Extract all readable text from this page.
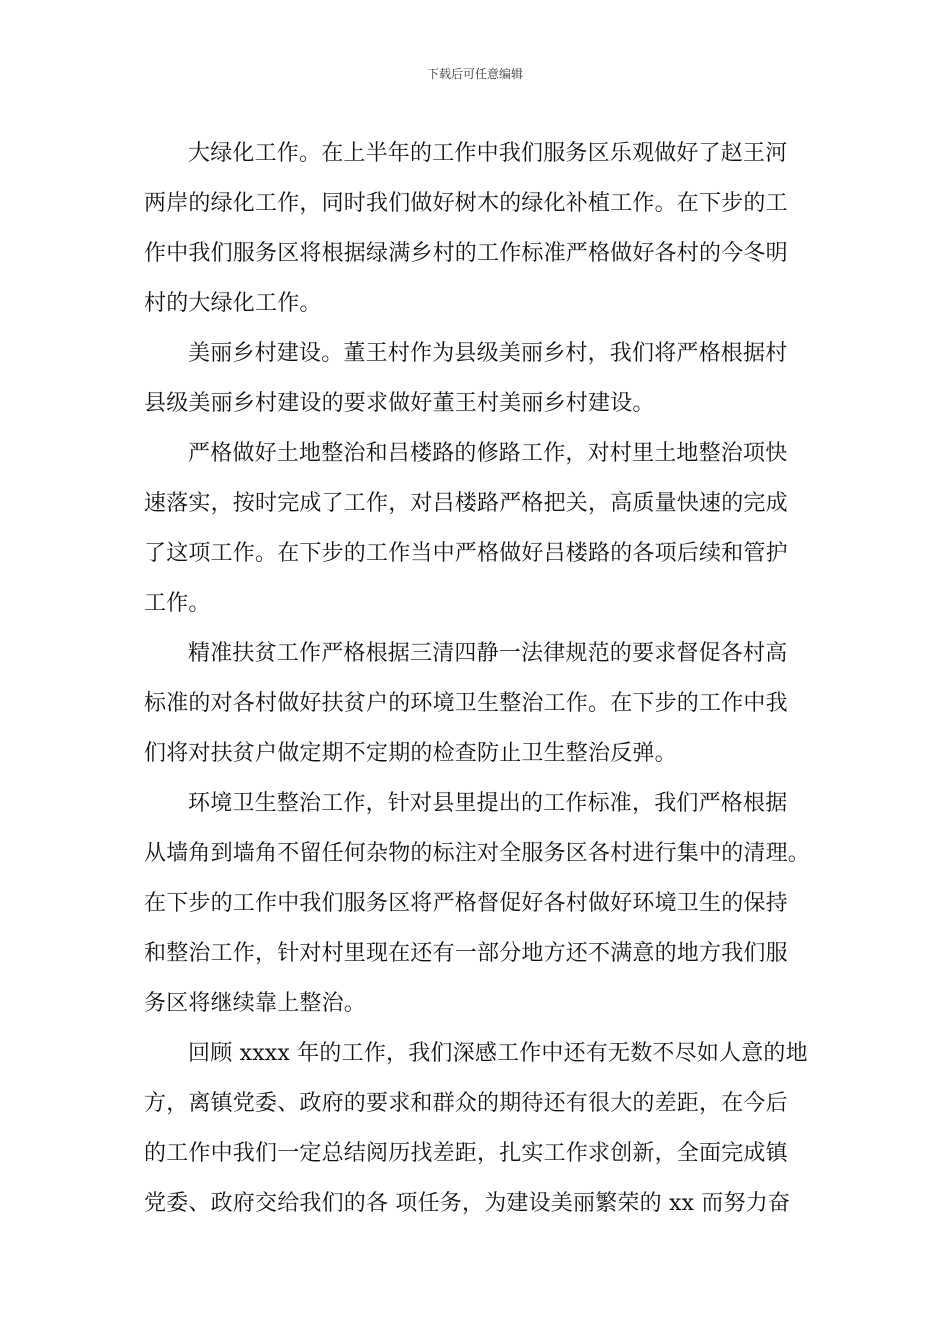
下载后可任意编辑

大绿化工作。在上半年的工作中我们服务区乐观做好了赵王河
两岸的绿化工作，同时我们做好树木的绿化补植工作。在下步的工
作中我们服务区将根据绿满乡村的工作标准严格做好各村的今冬明
村的大绿化工作。

美丽乡村建设。董王村作为县级美丽乡村，我们将严格根据村
县级美丽乡村建设的要求做好董王村美丽乡村建设。

严格做好土地整治和吕楼路的修路工作，对村里土地整治项快
速落实，按时完成了工作，对吕楼路严格把关，高质量快速的完成
了这项工作。在下步的工作当中严格做好吕楼路的各项后续和管护
工作。

精准扶贫工作严格根据三清四静一法律规范的要求督促各村高
标准的对各村做好扶贫户的环境卫生整治工作。在下步的工作中我
们将对扶贫户做定期不定期的检查防止卫生整治反弹。

环境卫生整治工作，针对县里提出的工作标准，我们严格根据
从墙角到墙角不留任何杂物的标注对全服务区各村进行集中的清理。
在下步的工作中我们服务区将严格督促好各村做好环境卫生的保持
和整治工作，针对村里现在还有一部分地方还不满意的地方我们服
务区将继续靠上整治。

回顾 xxxx 年的工作，我们深感工作中还有无数不尽如人意的地
方，离镇党委、政府的要求和群众的期待还有很大的差距，在今后
的工作中我们一定总结阅历找差距，扎实工作求创新，全面完成镇
党委、政府交给我们的各 项任务，为建设美丽繁荣的 xx 而努力奋
